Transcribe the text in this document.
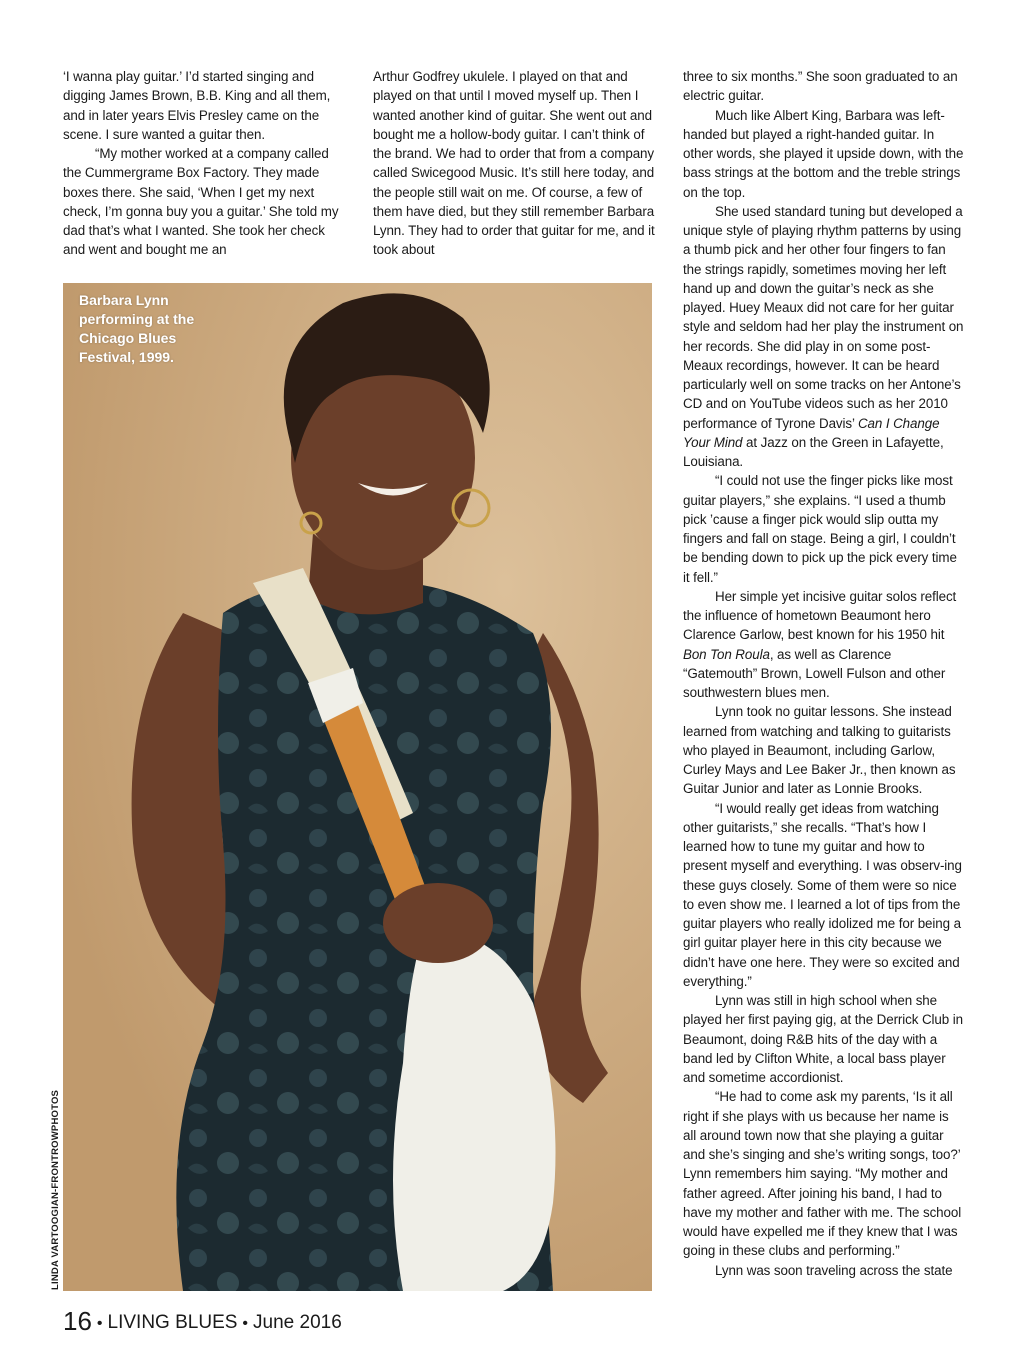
‘I wanna play guitar.’ I’d started singing and digging James Brown, B.B. King and all them, and in later years Elvis Presley came on the scene. I sure wanted a guitar then.

“My mother worked at a company called the Cummergrame Box Factory. They made boxes there. She said, ‘When I get my next check, I’m gonna buy you a guitar.’ She told my dad that’s what I wanted. She took her check and went and bought me an

Arthur Godfrey ukulele. I played on that and played on that until I moved myself up. Then I wanted another kind of guitar. She went out and bought me a hollow-body guitar. I can’t think of the brand. We had to order that from a company called Swicegood Music. It’s still here today, and the people still wait on me. Of course, a few of them have died, but they still remember Barbara Lynn. They had to order that guitar for me, and it took about

three to six months.” She soon graduated to an electric guitar.

Much like Albert King, Barbara was left-handed but played a right-handed guitar. In other words, she played it upside down, with the bass strings at the bottom and the treble strings on the top.

She used standard tuning but developed a unique style of playing rhythm patterns by using a thumb pick and her other four fingers to fan the strings rapidly, sometimes moving her left hand up and down the guitar’s neck as she played. Huey Meaux did not care for her guitar style and seldom had her play the instrument on her records. She did play in on some post-Meaux recordings, however. It can be heard particularly well on some tracks on her Antone’s CD and on YouTube videos such as her 2010 performance of Tyrone Davis’ Can I Change Your Mind at Jazz on the Green in Lafayette, Louisiana.

“I could not use the finger picks like most guitar players,” she explains. “I used a thumb pick ’cause a finger pick would slip outta my fingers and fall on stage. Being a girl, I couldn’t be bending down to pick up the pick every time it fell.”

Her simple yet incisive guitar solos reflect the influence of hometown Beaumont hero Clarence Garlow, best known for his 1950 hit Bon Ton Roula, as well as Clarence “Gatemouth” Brown, Lowell Fulson and other southwestern blues men.

Lynn took no guitar lessons. She instead learned from watching and talking to guitarists who played in Beaumont, including Garlow, Curley Mays and Lee Baker Jr., then known as Guitar Junior and later as Lonnie Brooks.

“I would really get ideas from watching other guitarists,” she recalls. “That’s how I learned how to tune my guitar and how to present myself and everything. I was observ-ing these guys closely. Some of them were so nice to even show me. I learned a lot of tips from the guitar players who really idolized me for being a girl guitar player here in this city because we didn’t have one here. They were so excited and everything.”

Lynn was still in high school when she played her first paying gig, at the Derrick Club in Beaumont, doing R&B hits of the day with a band led by Clifton White, a local bass player and sometime accordionist.

“He had to come ask my parents, ‘Is it all right if she plays with us because her name is all around town now that she playing a guitar and she’s singing and she’s writing songs, too?’ Lynn remembers him saying. “My mother and father agreed. After joining his band, I had to have my mother and father with me. The school would have expelled me if they knew that I was going in these clubs and performing.”

Lynn was soon traveling across the state

Barbara Lynn performing at the Chicago Blues Festival, 1999.
LINDA VARTOOGIAN-FRONTROWPHOTOS
16 • LIVING BLUES • June 2016
